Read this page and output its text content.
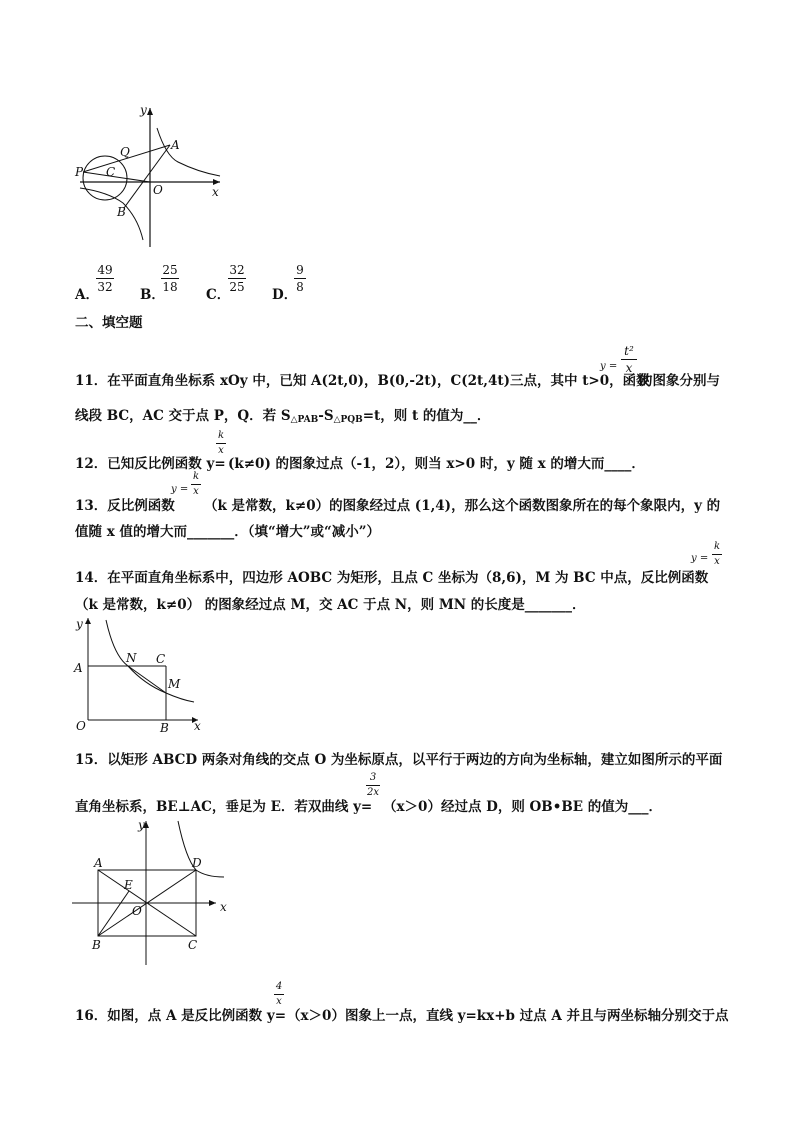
y
x
O
A
B
C
P
Q
A．
49
32 B．
25
18 C．
32
25 D．
9
8
二、填空题
11．在平面直角坐标系 xOy 中，已知 A(2t,0)，B(0,-2t)，C(2t,4t)三点，其中 t>0，函数
y =
t²
x
的图象分别与
线段 BC，AC 交于点 P，Q．若 $S_{\triangle PAB}-S_{\triangle PQB}=t$，则 t 的值为__．
12．已知反比例函数 y=
k
x
(k≠0) 的图象过点（-1，2），则当 x>0 时，y 随 x 的增大而____．
13．反比例函数
y =
k
x
（k 是常数，k≠0）的图象经过点 (1,4)，那么这个函数图象所在的每个象限内，y 的
值随 x 值的增大而_______．（填“增大”或“减小”）
14．在平面直角坐标系中，四边形 AOBC 为矩形，且点 C 坐标为（8,6)，M 为 BC 中点，反比例函数
y =
k
x
（k 是常数，k≠0） 的图象经过点 M，交 AC 于点 N，则 MN 的长度是_______．
y
x
O
A
B
C
N
M
15．以矩形 ABCD 两条对角线的交点 O 为坐标原点，以平行于两边的方向为坐标轴，建立如图所示的平面
直角坐标系，BE⊥AC，垂足为 E．若双曲线 y=
3
2x
（x＞0）经过点 D，则 OB•BE 的值为___．
y
x
O
A
B	C
D
E
16．如图，点 A 是反比例函数 y=
4
x
（x＞0）图象上一点，直线 y=kx+b 过点 A 并且与两坐标轴分别交于点
